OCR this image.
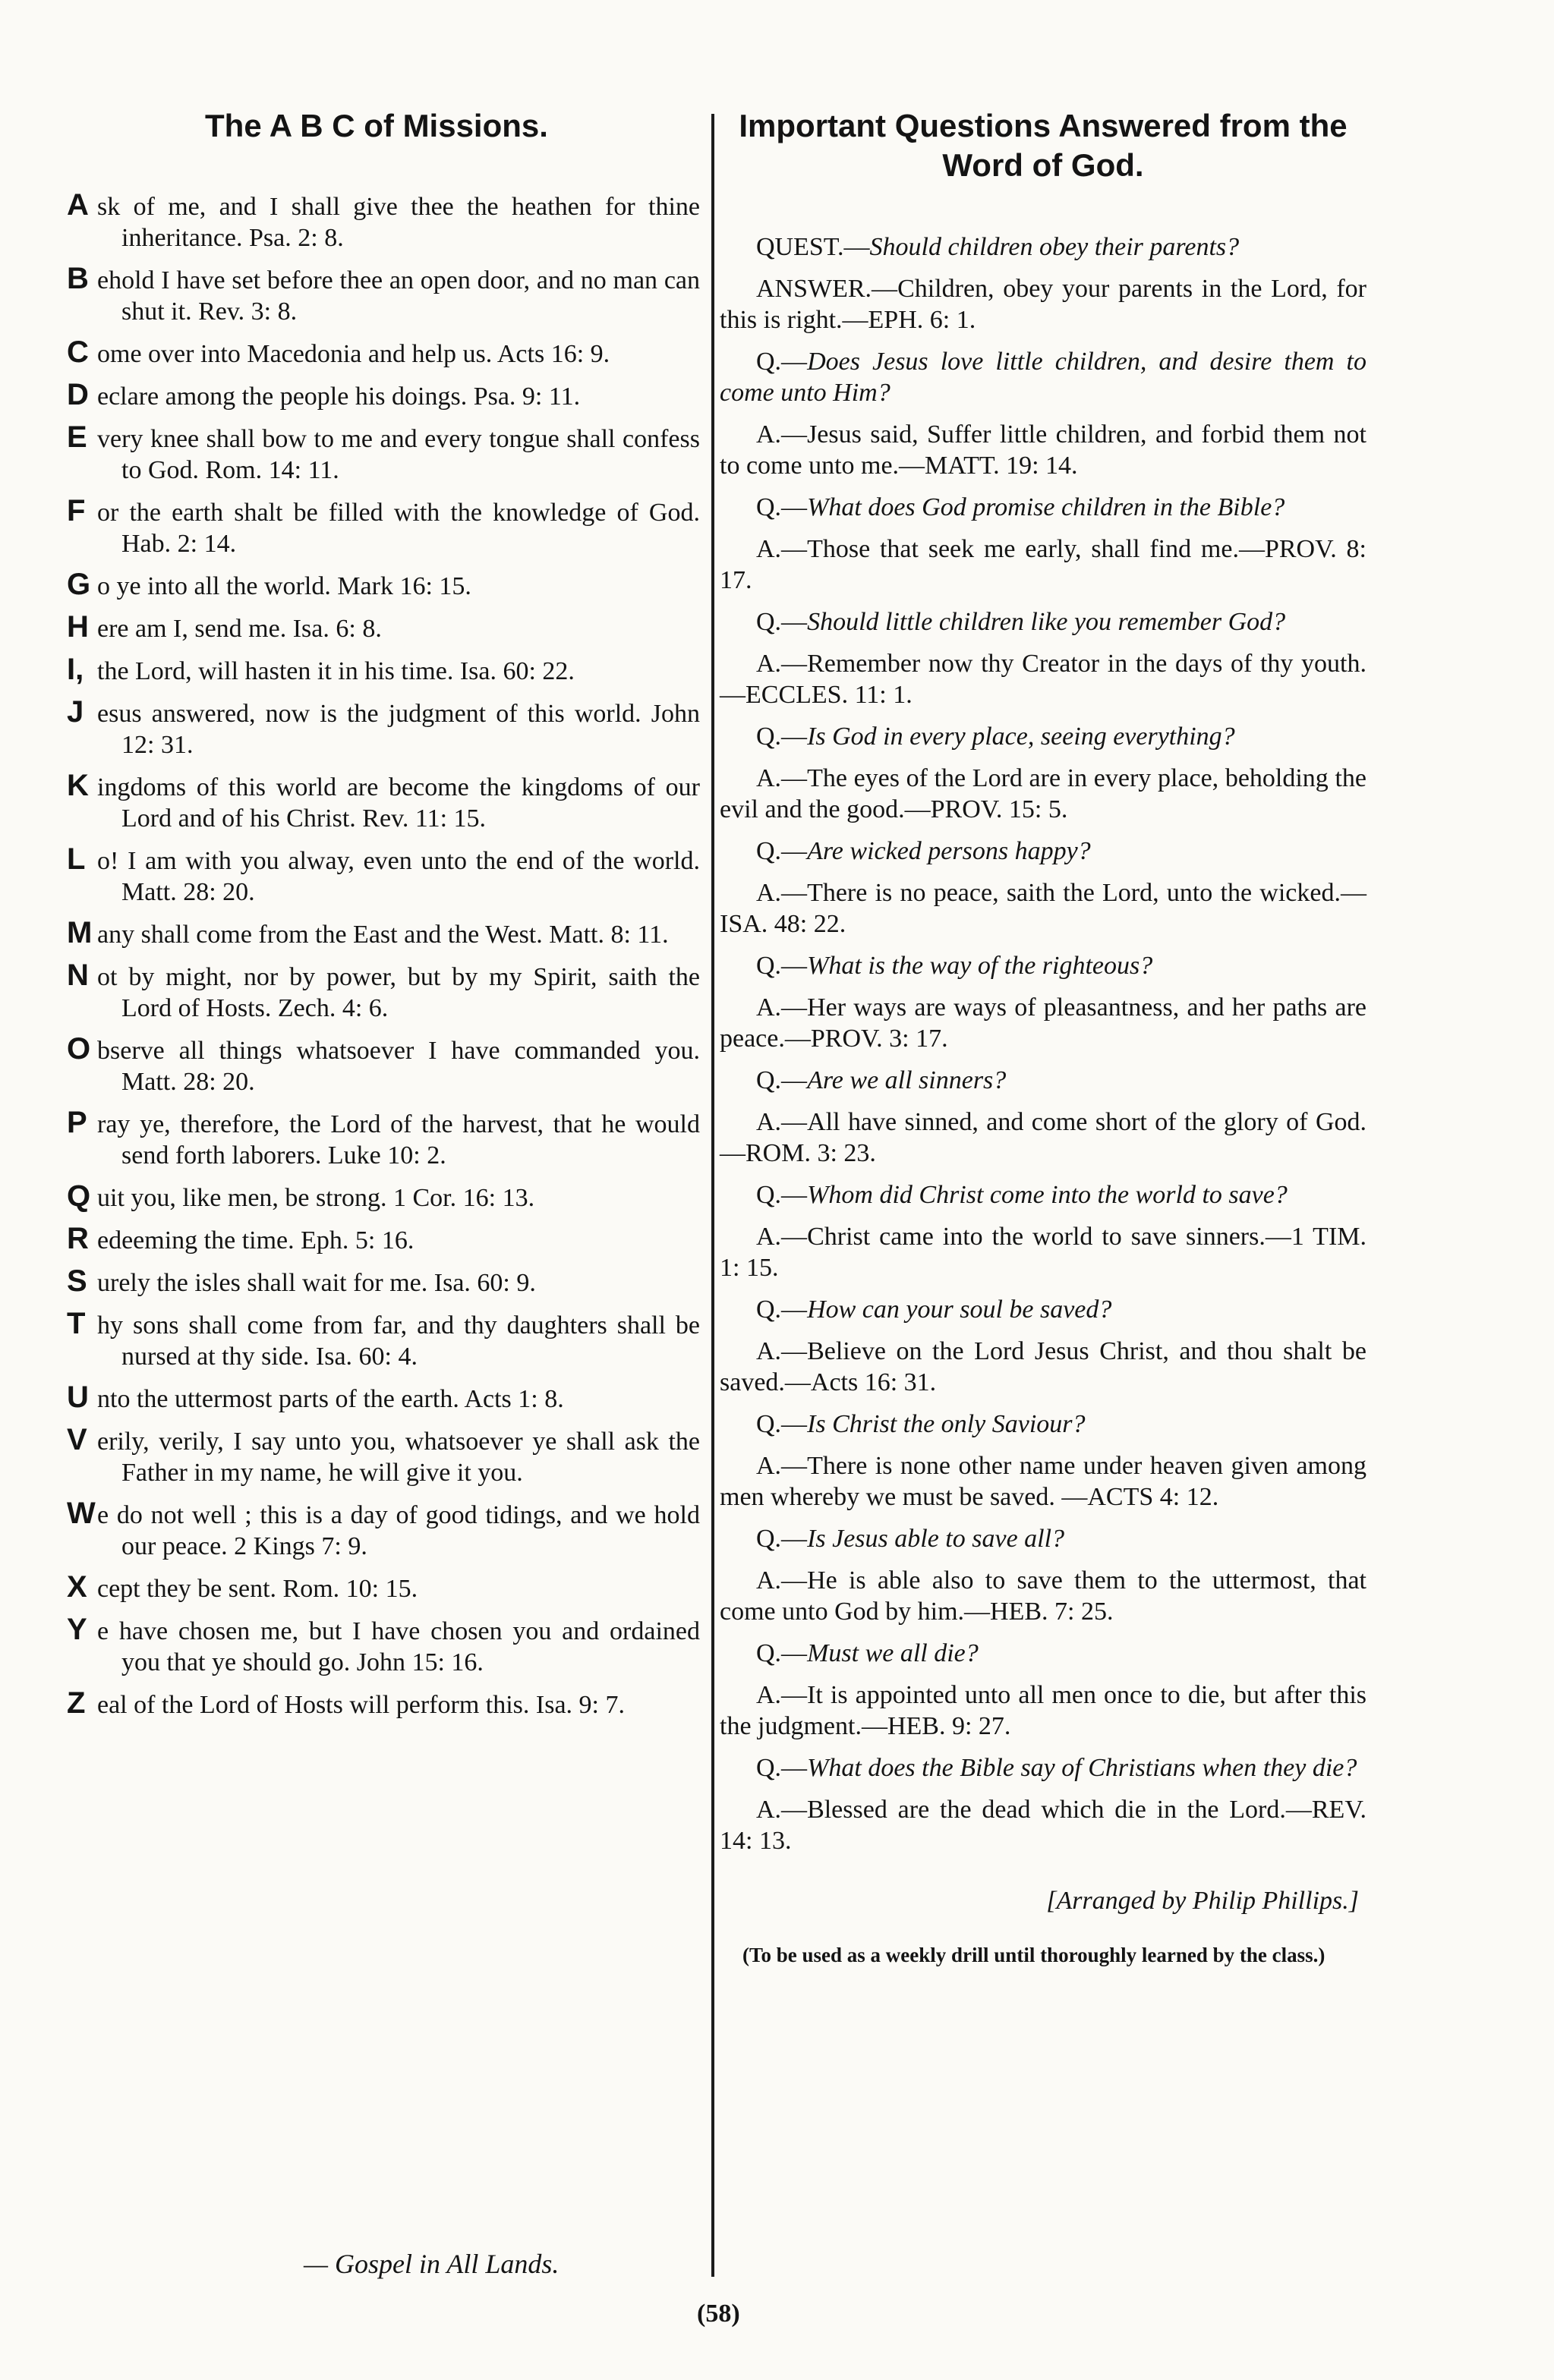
The A B C of Missions.
A sk of me, and I shall give thee the heathen for thine inheritance. Psa. 2: 8.
B ehold I have set before thee an open door, and no man can shut it. Rev. 3: 8.
C ome over into Macedonia and help us. Acts 16: 9.
D eclare among the people his doings. Psa. 9: 11.
E very knee shall bow to me and every tongue shall confess to God. Rom. 14: 11.
F or the earth shalt be filled with the knowledge of God. Hab. 2: 14.
G o ye into all the world. Mark 16: 15.
H ere am I, send me. Isa. 6: 8.
I, the Lord, will hasten it in his time. Isa. 60: 22.
J esus answered, now is the judgment of this world. John 12: 31.
K ingdoms of this world are become the kingdoms of our Lord and of his Christ. Rev. 11: 15.
L o! I am with you alway, even unto the end of the world. Matt. 28: 20.
M any shall come from the East and the West. Matt. 8: 11.
N ot by might, nor by power, but by my Spirit, saith the Lord of Hosts. Zech. 4: 6.
O bserve all things whatsoever I have commanded you. Matt. 28: 20.
P ray ye, therefore, the Lord of the harvest, that he would send forth laborers. Luke 10: 2.
Q uit you, like men, be strong. 1 Cor. 16: 13.
R edeeming the time. Eph. 5: 16.
S urely the isles shall wait for me. Isa. 60: 9.
T hy sons shall come from far, and thy daughters shall be nursed at thy side. Isa. 60: 4.
U nto the uttermost parts of the earth. Acts 1: 8.
V erily, verily, I say unto you, whatsoever ye shall ask the Father in my name, he will give it you.
We do not well ; this is a day of good tidings, and we hold our peace. 2 Kings 7: 9.
X cept they be sent. Rom. 10: 15.
Y e have chosen me, but I have chosen you and ordained you that ye should go. John 15: 16.
Z eal of the Lord of Hosts will perform this. Isa. 9: 7.
Important Questions Answered from the Word of God.
QUEST.—Should children obey their parents?
ANSWER.—Children, obey your parents in the Lord, for this is right.—EPH. 6: 1.
Q.—Does Jesus love little children, and desire them to come unto Him?
A.—Jesus said, Suffer little children, and forbid them not to come unto me.—MATT. 19: 14.
Q.—What does God promise children in the Bible?
A.—Those that seek me early, shall find me.—PROV. 8: 17.
Q.—Should little children like you remember God?
A.—Remember now thy Creator in the days of thy youth.—ECCLES. 11: 1.
Q.—Is God in every place, seeing everything?
A.—The eyes of the Lord are in every place, beholding the evil and the good.—PROV. 15: 5.
Q.—Are wicked persons happy?
A.—There is no peace, saith the Lord, unto the wicked.—ISA. 48: 22.
Q.—What is the way of the righteous?
A.—Her ways are ways of pleasantness, and her paths are peace.—PROV. 3: 17.
Q.—Are we all sinners?
A.—All have sinned, and come short of the glory of God.—ROM. 3: 23.
Q.—Whom did Christ come into the world to save?
A.—Christ came into the world to save sinners.—1 TIM. 1: 15.
Q.—How can your soul be saved?
A.—Believe on the Lord Jesus Christ, and thou shalt be saved.—Acts 16: 31.
Q.—Is Christ the only Saviour?
A.—There is none other name under heaven given among men whereby we must be saved. —ACTS 4: 12.
Q.—Is Jesus able to save all?
A.—He is able also to save them to the uttermost, that come unto God by him.—HEB. 7: 25.
Q.—Must we all die?
A.—It is appointed unto all men once to die, but after this the judgment.—HEB. 9: 27.
Q.—What does the Bible say of Christians when they die?
A.—Blessed are the dead which die in the Lord.—REV. 14: 13.
[Arranged by Philip Phillips.]
(To be used as a weekly drill until thoroughly learned by the class.)
— Gospel in All Lands.
(58)
